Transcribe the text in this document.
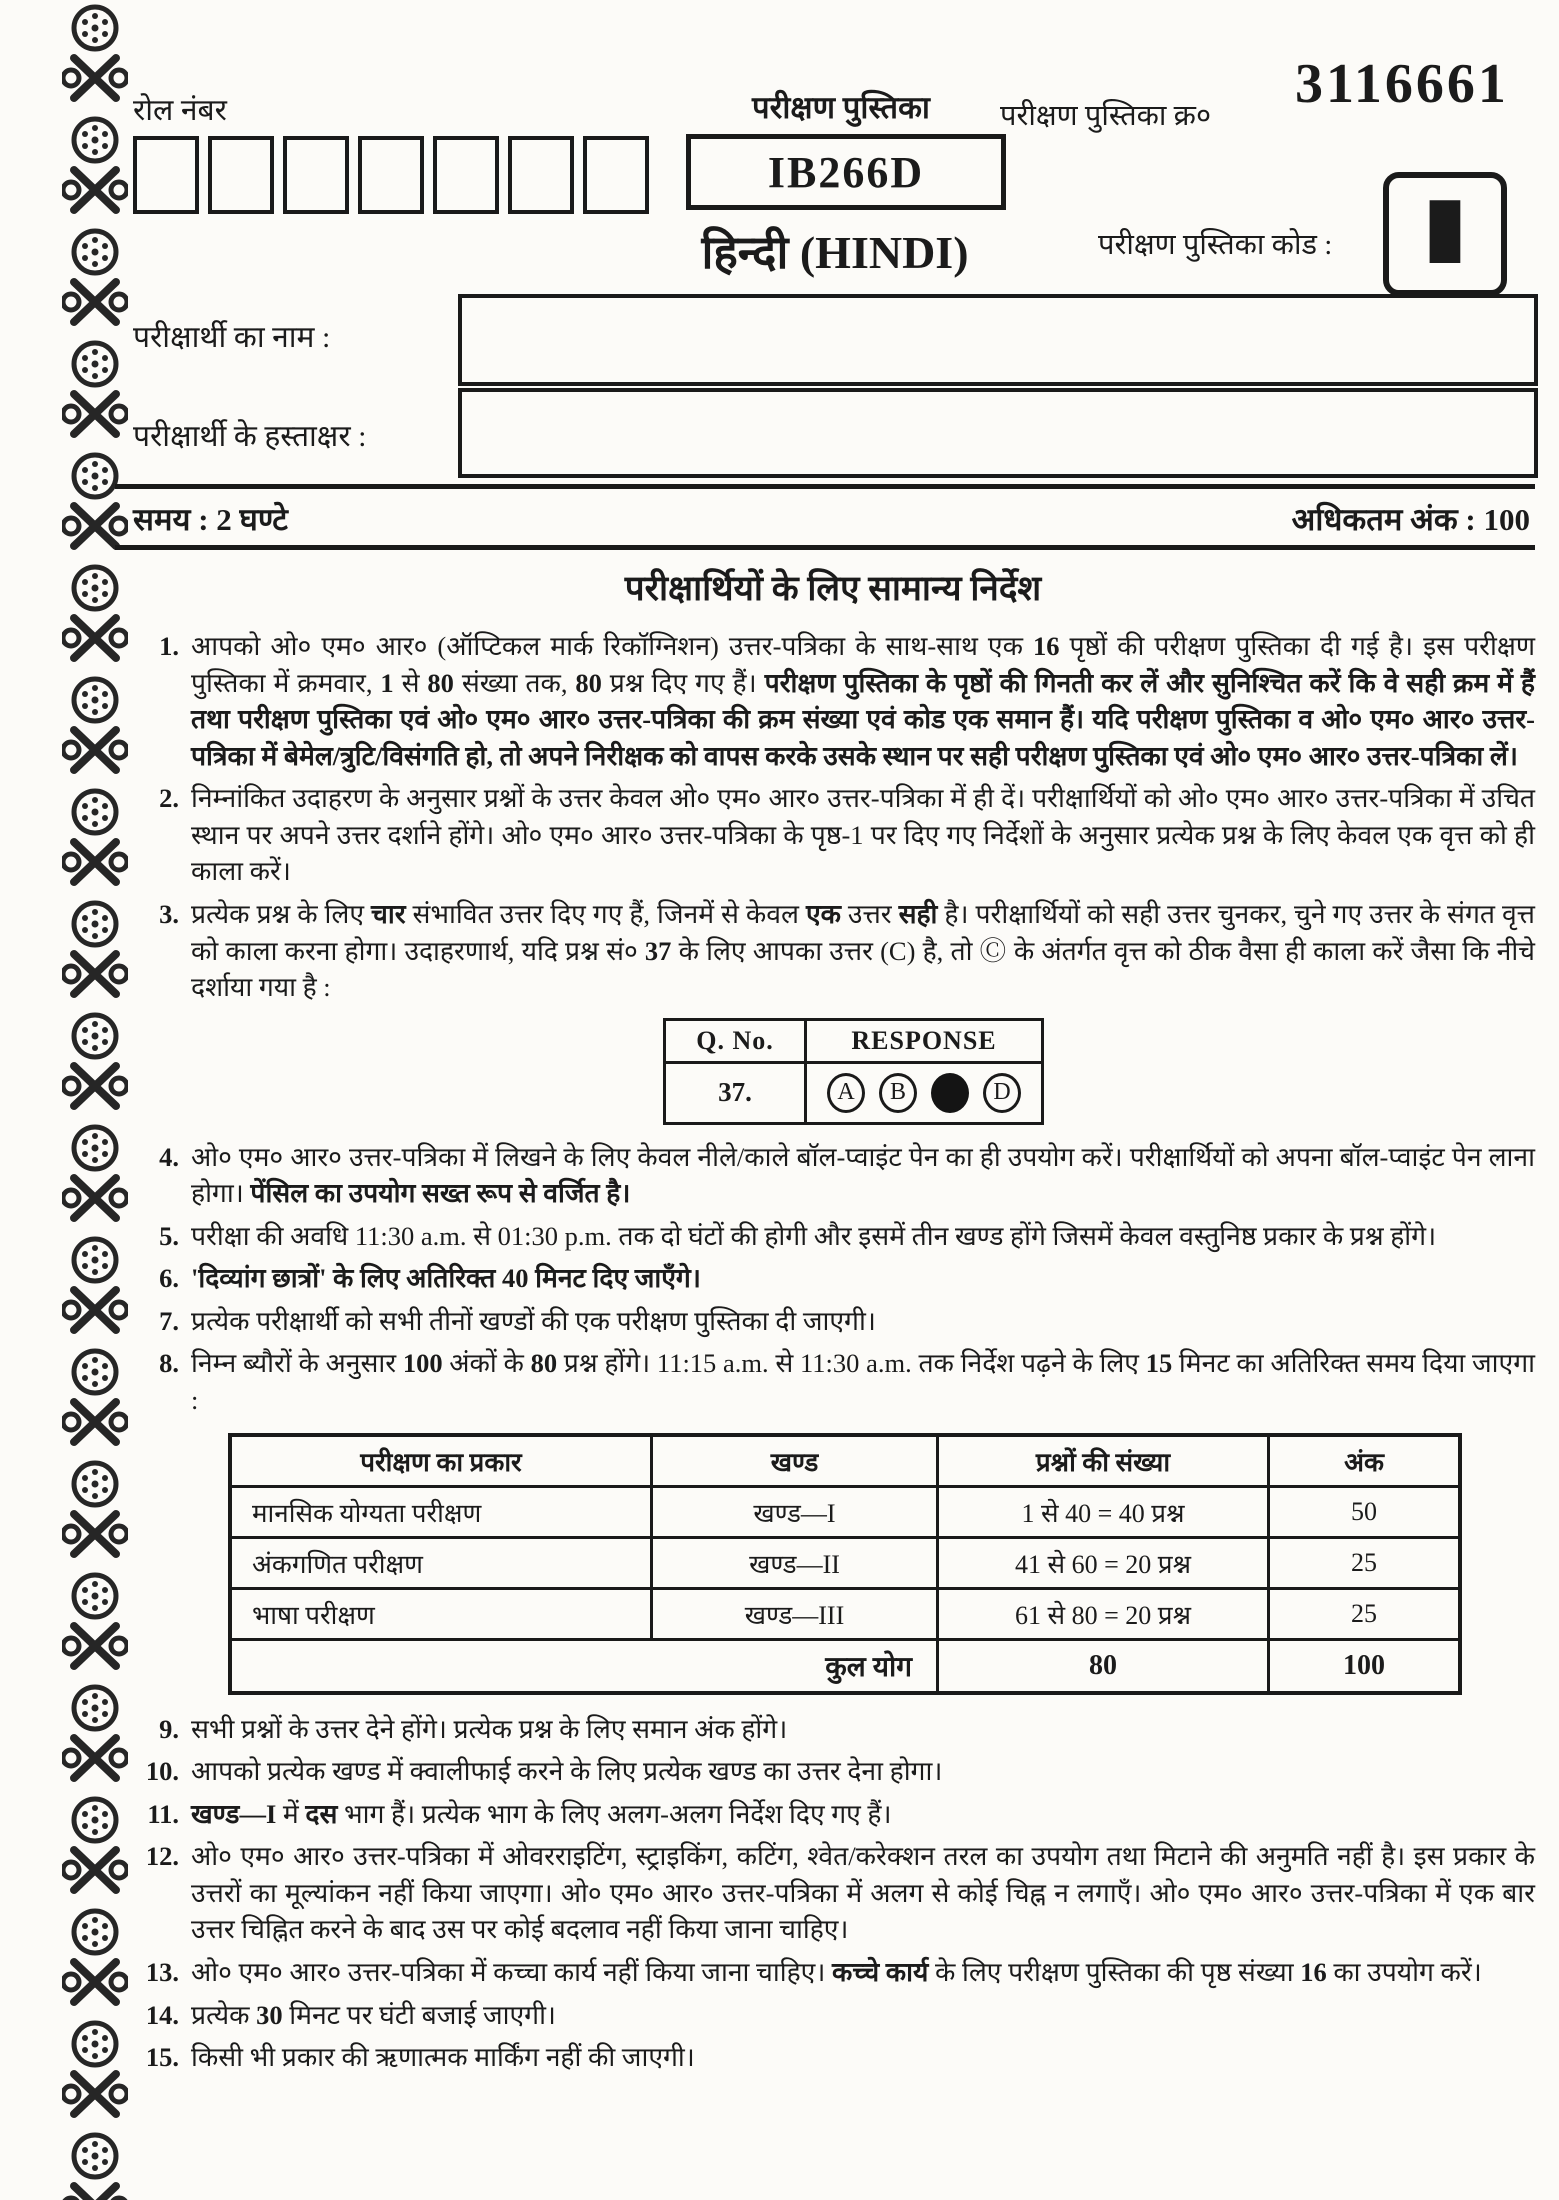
रोल नंबर	परीक्षण पुस्तिका
IB266D
परीक्षण पुस्तिका क्र०
3116661
हिन्दी (HINDI)	परीक्षण पुस्तिका कोड : I
परीक्षार्थी का नाम :
परीक्षार्थी के हस्ताक्षर :
समय : 2 घण्टे	अधिकतम अंक : 100
परीक्षार्थियों के लिए सामान्य निर्देश
1. आपको ओ० एम० आर० (ऑप्टिकल मार्क रिकॉग्निशन) उत्तर-पत्रिका के साथ-साथ एक 16 पृष्ठों की परीक्षण पुस्तिका दी गई है। इस परीक्षण पुस्तिका में क्रमवार, 1 से 80 संख्या तक, 80 प्रश्न दिए गए हैं। परीक्षण पुस्तिका के पृष्ठों की गिनती कर लें और सुनिश्चित करें कि वे सही क्रम में हैं तथा परीक्षण पुस्तिका एवं ओ० एम० आर० उत्तर-पत्रिका की क्रम संख्या एवं कोड एक समान हैं। यदि परीक्षण पुस्तिका व ओ० एम० आर० उत्तर-पत्रिका में बेमेल/त्रुटि/विसंगति हो, तो अपने निरीक्षक को वापस करके उसके स्थान पर सही परीक्षण पुस्तिका एवं ओ० एम० आर० उत्तर-पत्रिका लें।
2. निम्नांकित उदाहरण के अनुसार प्रश्नों के उत्तर केवल ओ० एम० आर० उत्तर-पत्रिका में ही दें। परीक्षार्थियों को ओ० एम० आर० उत्तर-पत्रिका में उचित स्थान पर अपने उत्तर दर्शाने होंगे। ओ० एम० आर० उत्तर-पत्रिका के पृष्ठ-1 पर दिए गए निर्देशों के अनुसार प्रत्येक प्रश्न के लिए केवल एक वृत्त को ही काला करें।
3. प्रत्येक प्रश्न के लिए चार संभावित उत्तर दिए गए हैं, जिनमें से केवल एक उत्तर सही है। परीक्षार्थियों को सही उत्तर चुनकर, चुने गए उत्तर के संगत वृत्त को काला करना होगा। उदाहरणार्थ, यदि प्रश्न सं० 37 के लिए आपका उत्तर (C) है, तो Ⓒ के अंतर्गत वृत्त को ठीक वैसा ही काला करें जैसा कि नीचे दर्शाया गया है :
Q. No.	RESPONSE
37.	A B D
4. ओ० एम० आर० उत्तर-पत्रिका में लिखने के लिए केवल नीले/काले बॉल-प्वाइंट पेन का ही उपयोग करें। परीक्षार्थियों को अपना बॉल-प्वाइंट पेन लाना होगा। पेंसिल का उपयोग सख्त रूप से वर्जित है।
5. परीक्षा की अवधि 11:30 a.m. से 01:30 p.m. तक दो घंटों की होगी और इसमें तीन खण्ड होंगे जिसमें केवल वस्तुनिष्ठ प्रकार के प्रश्न होंगे।
6. 'दिव्यांग छात्रों' के लिए अतिरिक्त 40 मिनट दिए जाएँगे।
7. प्रत्येक परीक्षार्थी को सभी तीनों खण्डों की एक परीक्षण पुस्तिका दी जाएगी।
8. निम्न ब्यौरों के अनुसार 100 अंकों के 80 प्रश्न होंगे। 11:15 a.m. से 11:30 a.m. तक निर्देश पढ़ने के लिए 15 मिनट का अतिरिक्त समय दिया जाएगा :
परीक्षण का प्रकार	खण्ड	प्रश्नों की संख्या	अंक
मानसिक योग्यता परीक्षण	खण्ड—I	1 से 40 = 40 प्रश्न	50
अंकगणित परीक्षण	खण्ड—II	41 से 60 = 20 प्रश्न	25
भाषा परीक्षण	खण्ड—III	61 से 80 = 20 प्रश्न	25
कुल योग		80	100
9. सभी प्रश्नों के उत्तर देने होंगे। प्रत्येक प्रश्न के लिए समान अंक होंगे।
10. आपको प्रत्येक खण्ड में क्वालीफाई करने के लिए प्रत्येक खण्ड का उत्तर देना होगा।
11. खण्ड—I में दस भाग हैं। प्रत्येक भाग के लिए अलग-अलग निर्देश दिए गए हैं।
12. ओ० एम० आर० उत्तर-पत्रिका में ओवरराइटिंग, स्ट्राइकिंग, कटिंग, श्वेत/करेक्शन तरल का उपयोग तथा मिटाने की अनुमति नहीं है। इस प्रकार के उत्तरों का मूल्यांकन नहीं किया जाएगा। ओ० एम० आर० उत्तर-पत्रिका में अलग से कोई चिह्न न लगाएँ। ओ० एम० आर० उत्तर-पत्रिका में एक बार उत्तर चिह्नित करने के बाद उस पर कोई बदलाव नहीं किया जाना चाहिए।
13. ओ० एम० आर० उत्तर-पत्रिका में कच्चा कार्य नहीं किया जाना चाहिए। कच्चे कार्य के लिए परीक्षण पुस्तिका की पृष्ठ संख्या 16 का उपयोग करें।
14. प्रत्येक 30 मिनट पर घंटी बजाई जाएगी।
15. किसी भी प्रकार की ऋणात्मक मार्किंग नहीं की जाएगी।
